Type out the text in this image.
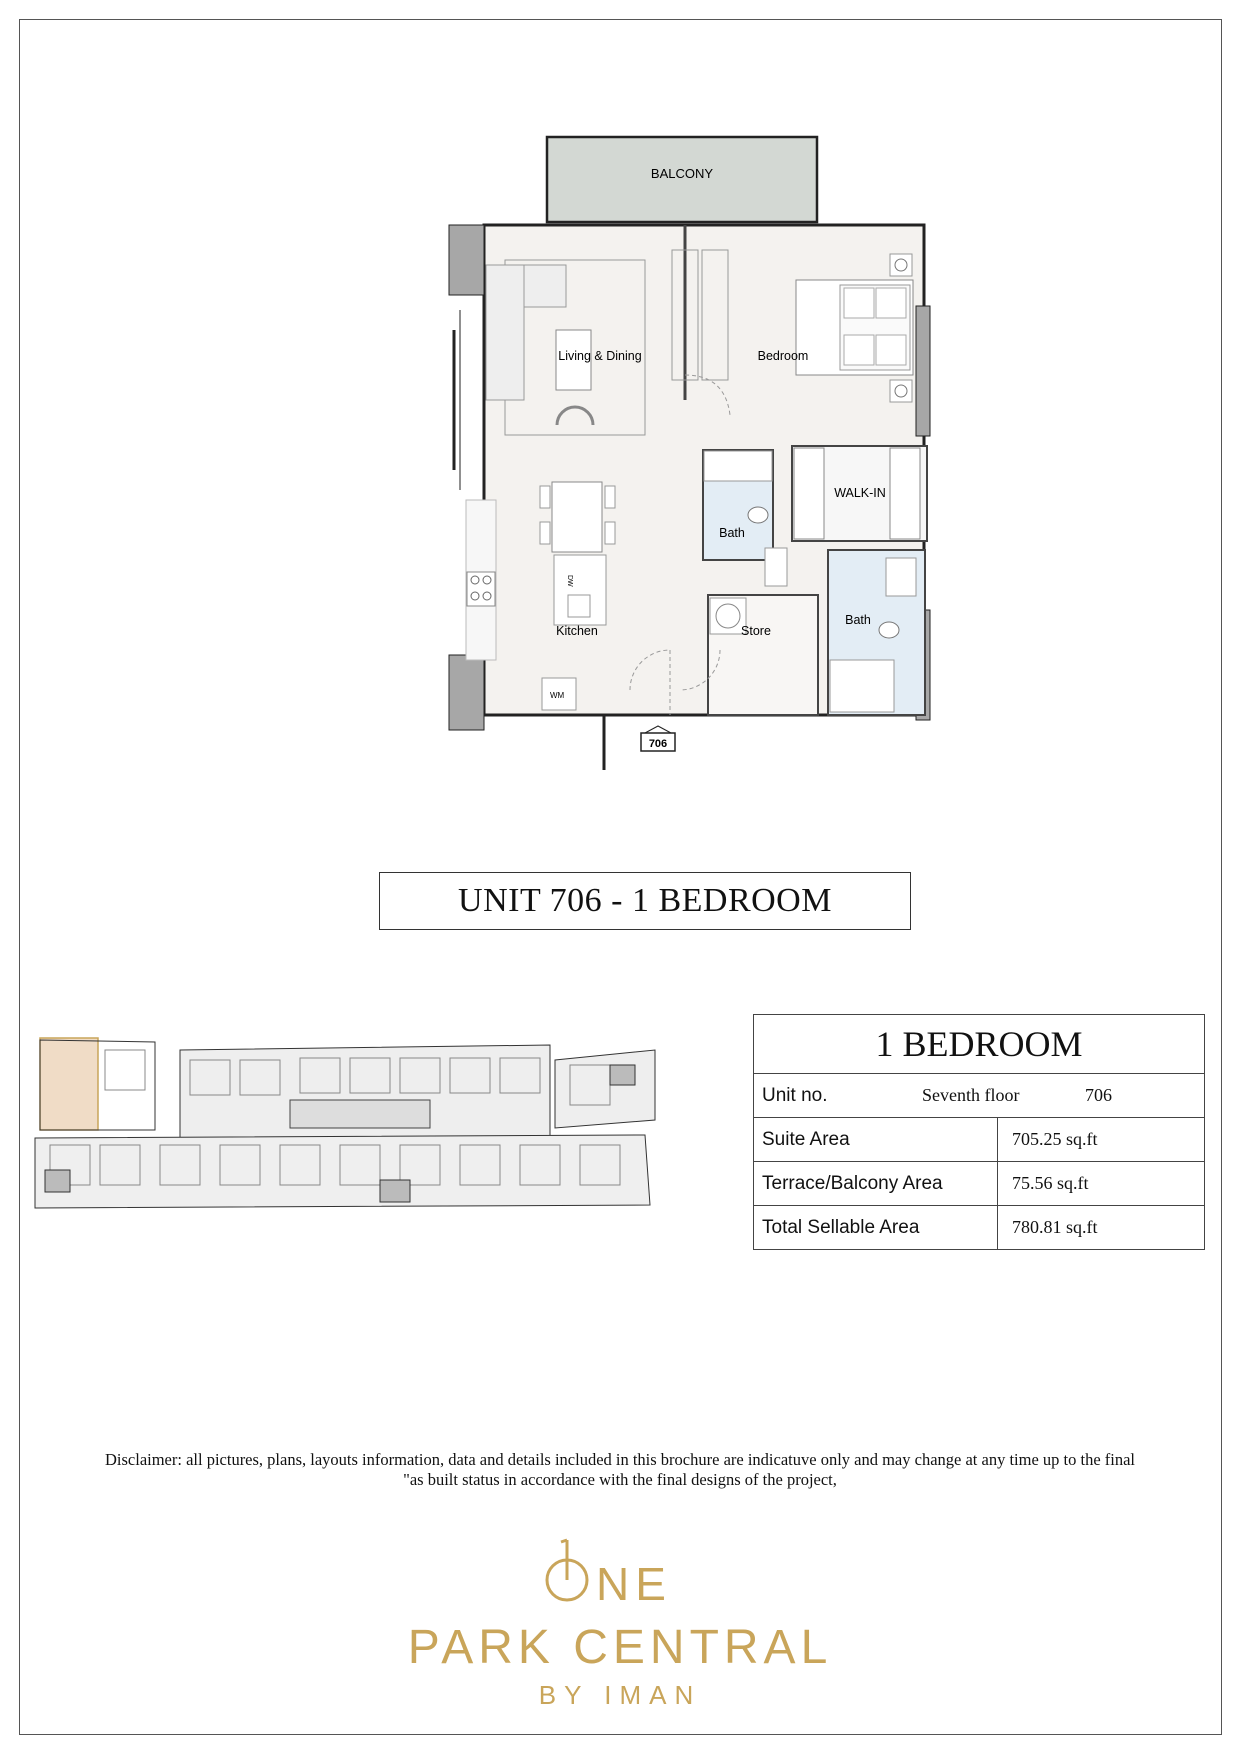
BALCONY
Living & Dining
DW
Kitchen
WM
Bedroom
Bath
WALK-IN
Store
Bath
706
UNIT 706 - 1 BEDROOM
1 BEDROOM	

Unit no. Seventh floor 706	

Suite Area	705.25 sq.ft
Terrace/Balcony Area	75.56 sq.ft
Total Sellable Area	780.81 sq.ft
Disclaimer: all pictures, plans, layouts information, data and details included in this brochure are indicatuve only and may change at any time up to the final
"as built status in accordance with the final designs of the project,
NE
PARK CENTRAL
BY IMAN
